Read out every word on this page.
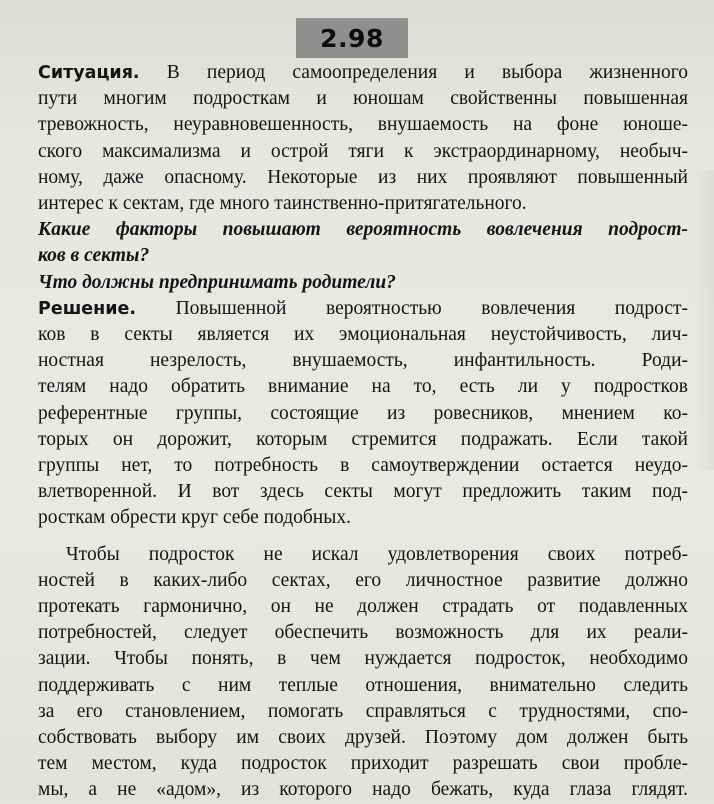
2.98

Ситуация. В период самоопределения и выбора жизненного
пути многим подросткам и юношам свойственны повышенная
тревожность, неуравновешенность, внушаемость на фоне юноше-
ского максимализма и острой тяги к экстраординарному, необыч-
ному, даже опасному. Некоторые из них проявляют повышенный
интерес к сектам, где много таинственно-притягательного.

Какие факторы повышают вероятность вовлечения подрост-
ков в секты?

Что должны предпринимать родители?

Решение. Повышенной вероятностью вовлечения подрост-
ков в секты является их эмоциональная неустойчивость, лич-
ностная незрелость, внушаемость, инфантильность. Роди-
телям надо обратить внимание на то, есть ли у подростков
референтные группы, состоящие из ровесников, мнением ко-
торых он дорожит, которым стремится подражать. Если такой
группы нет, то потребность в самоутверждении остается неудо-
влетворенной. И вот здесь секты могут предложить таким под-
росткам обрести круг себе подобных.

Чтобы подросток не искал удовлетворения своих потреб-
ностей в каких-либо сектах, его личностное развитие должно
протекать гармонично, он не должен страдать от подавленных
потребностей, следует обеспечить возможность для их реали-
зации. Чтобы понять, в чем нуждается подросток, необходимо
поддерживать с ним теплые отношения, внимательно следить
за его становлением, помогать справляться с трудностями, спо-
собствовать выбору им своих друзей. Поэтому дом должен быть
тем местом, куда подросток приходит разрешать свои пробле-
мы, а не «адом», из которого надо бежать, куда глаза глядят.
